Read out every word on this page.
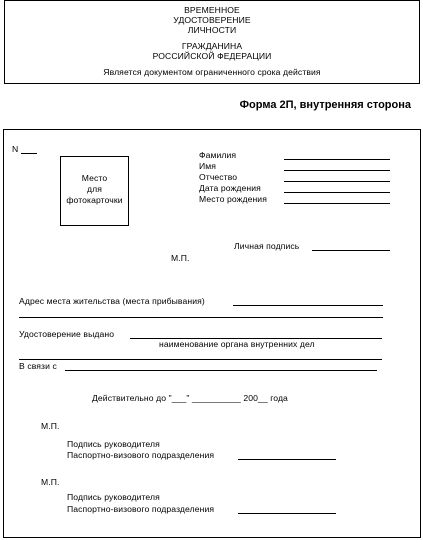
ВРЕМЕННОЕ
УДОСТОВЕРЕНИЕ
ЛИЧНОСТИ
ГРАЖДАНИНА
РОССИЙСКОЙ ФЕДЕРАЦИИ
Является документом ограниченного срока действия
Форма 2П, внутренняя сторона
N
Место
для
фотокарточки
Фамилия
Имя
Отчество
Дата рождения
Место рождения
Личная подпись
М.П.
Адрес места жительства (места прибывания)
Удостоверение выдано
наименование органа внутренних дел
В связи с
Действительно до "___" __________ 200__ года
М.П.
Подпись руководителя
Паспортно-визового подразделения
М.П.
Подпись руководителя
Паспортно-визового подразделения
